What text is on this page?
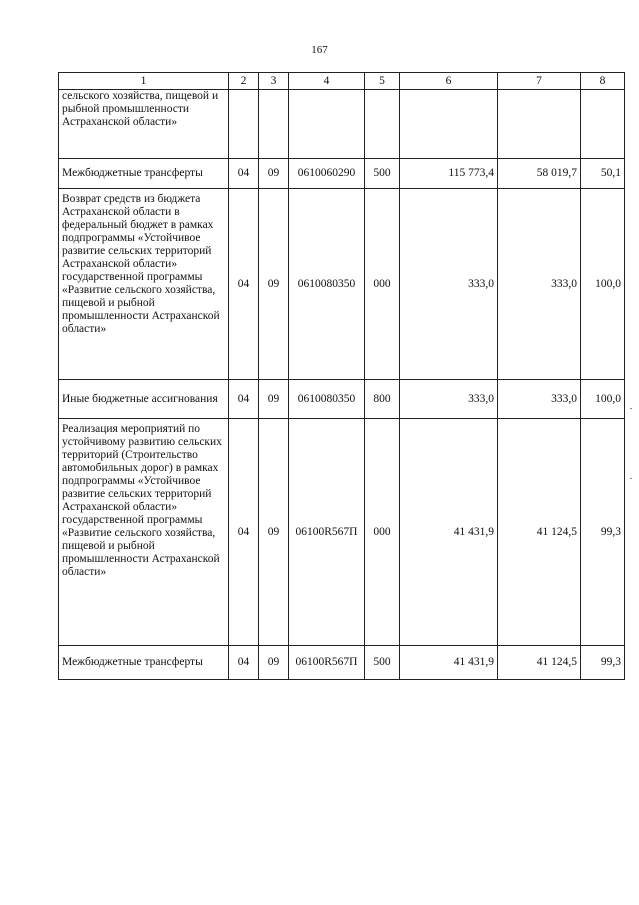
167
1	2	3	4	5	6	7	8
сельского хозяйства, пищевой и рыбной промышленности Астраханской области»							
Межбюджетные трансферты	04	09	0610060290	500	115 773,4	58 019,7	50,1
Возврат средств из бюджета Астраханской области в федеральный бюджет в рамках подпрограммы «Устойчивое развитие сельских территорий Астраханской области» государственной программы «Развитие сельского хозяйства, пищевой и рыбной промышленности Астраханской области»	04	09	0610080350	000	333,0	333,0	100,0
Иные бюджетные ассигнования	04	09	0610080350	800	333,0	333,0	100,0
Реализация мероприятий по устойчивому развитию сельских территорий (Строительство автомобильных дорог) в рамках подпрограммы «Устойчивое развитие сельских территорий Астраханской области» государственной программы «Развитие сельского хозяйства, пищевой и рыбной промышленности Астраханской области»	04	09	06100R567П	000	41 431,9	41 124,5	99,3
Межбюджетные трансферты	04	09	06100R567П	500	41 431,9	41 124,5	99,3
